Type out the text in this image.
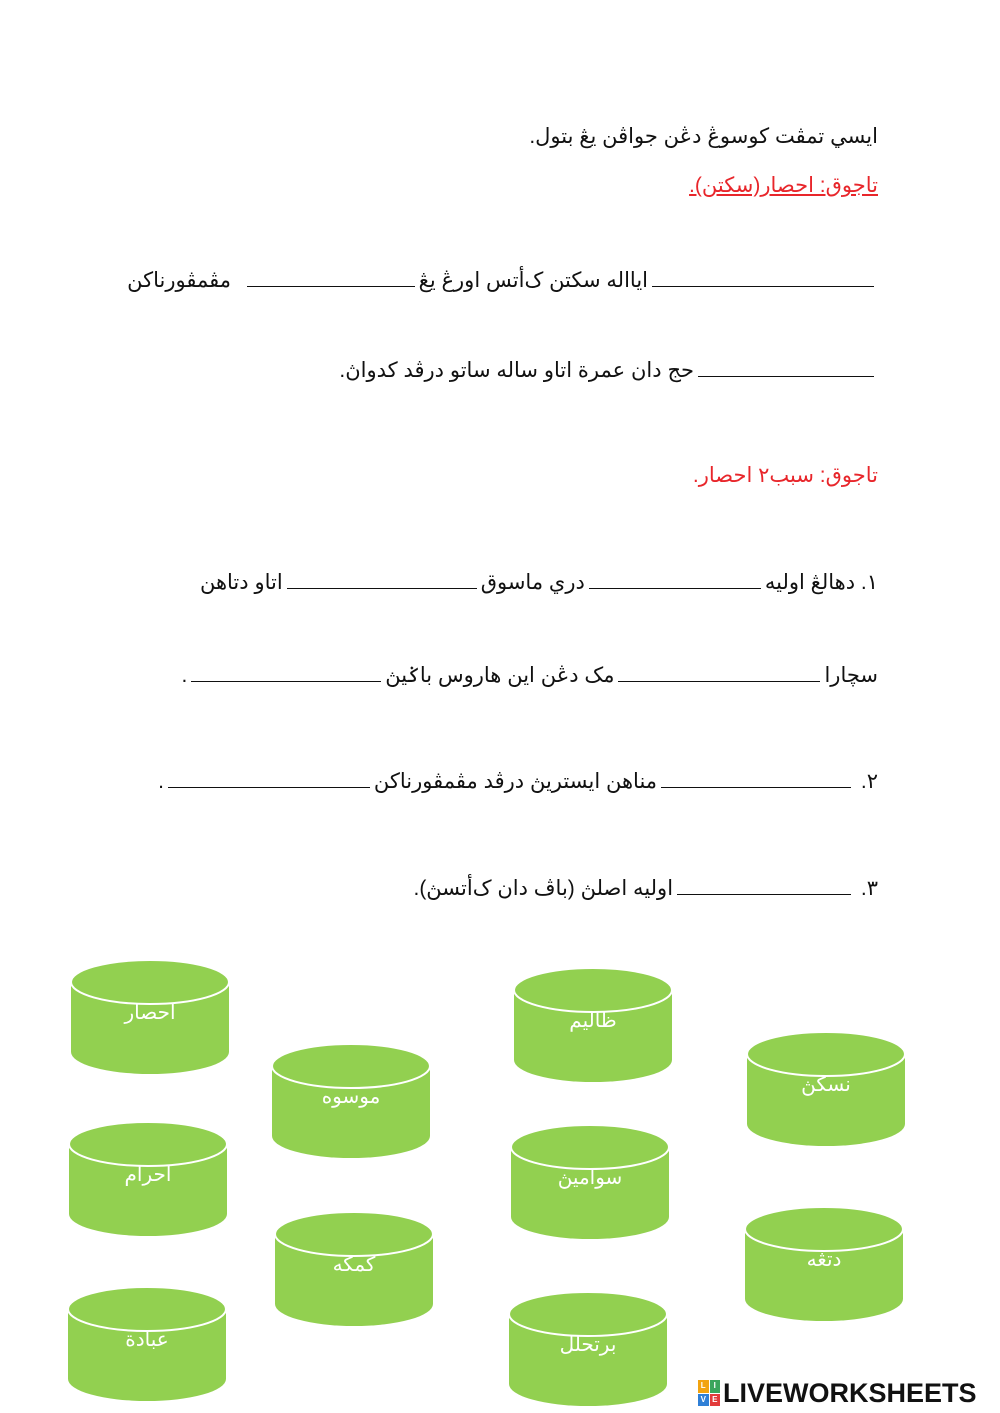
ايسي تمڤت کوسوڠ دڠن جواڤن يڠ بتول.
تاجوق: احصار(سکتن).
ايااله سکتن ک‌أتس اورڠ يڠ  مڤمڤورناکن
حج دان عمرة اتاو ساله ساتو درڤد کدواڽ.
تاجوق: سبب٢ احصار.
١. دهالڠ اوليهدري ماسوقاتاو دتاهن
سچارامک دڠن اين هاروس باݢيڽ.
٢. مناهن ايستريڽ درڤد مڤمڤورناکن.
٣. اوليه اصلڽ (باڤ دان ک‌أتسڽ).
احصار
موسوه
احرام
کمکه
عبادة
ظاليم
سواميڽ
برتحلل
نسکڽ
دتڠه
L I
V E LIVEWORKSHEETS
